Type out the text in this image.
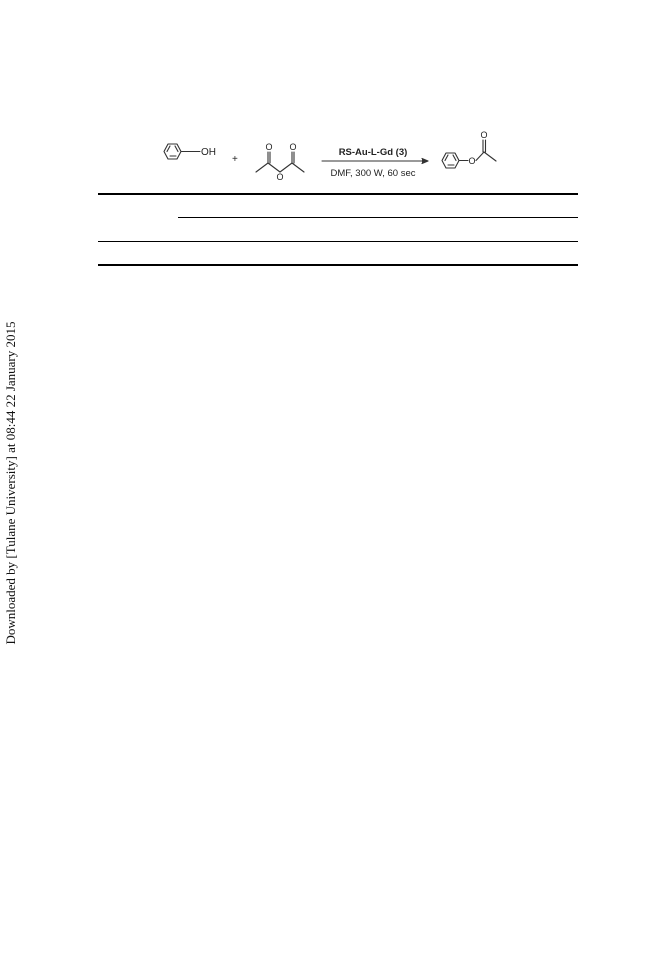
Downloaded by [Tulane University] at 08:44 22 January 2015
OH
+
O O
O
RS-Au-L-Gd (3)
DMF, 300 W, 60 sec
O
O
